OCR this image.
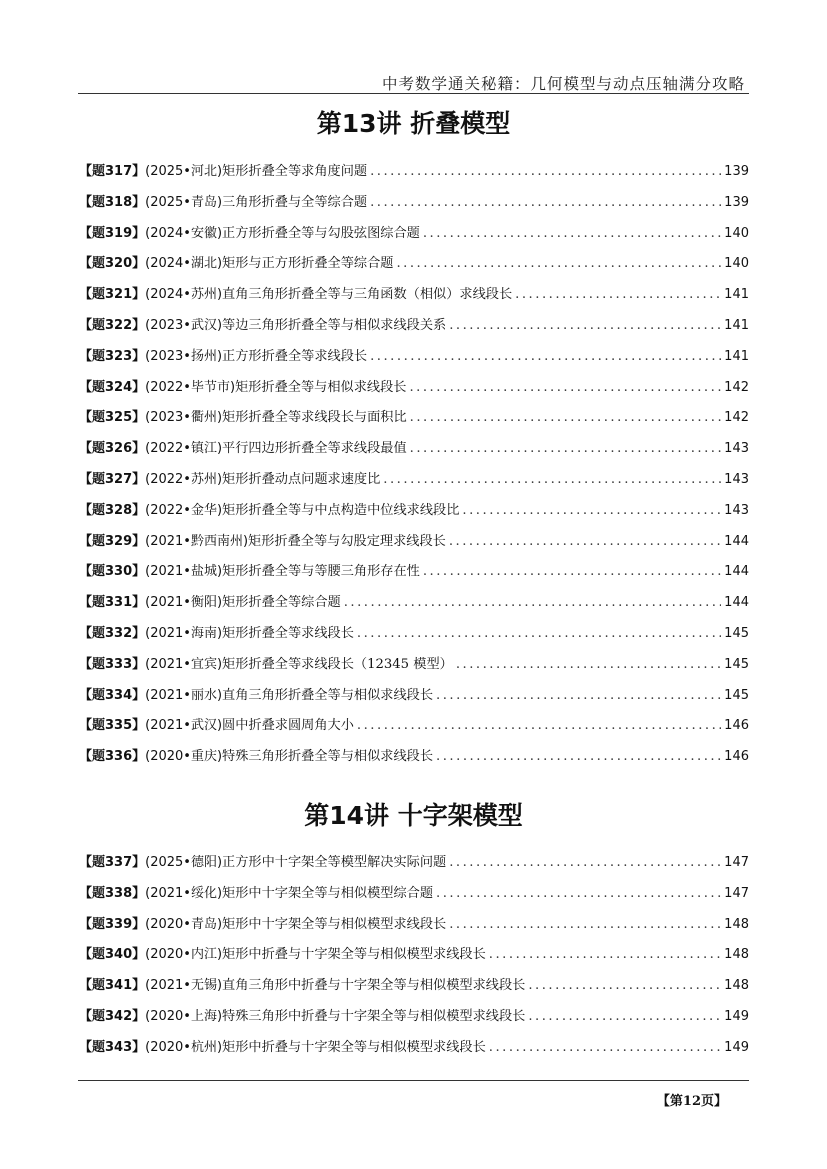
中考数学通关秘籍：几何模型与动点压轴满分攻略
第13讲 折叠模型
【题317】 (2025•河北) 矩形折叠全等求角度问题 .....	139
【题318】 (2025•青岛) 三角形折叠与全等综合题 .....	139
【题319】 (2024•安徽) 正方形折叠全等与勾股弦图综合题 .....	140
【题320】 (2024•湖北) 矩形与正方形折叠全等综合题 .....	140
【题321】 (2024•苏州) 直角三角形折叠全等与三角函数（相似）求线段长 .....	141
【题322】 (2023•武汉) 等边三角形折叠全等与相似求线段关系 .....	141
【题323】 (2023•扬州) 正方形折叠全等求线段长 .....	141
【题324】 (2022•毕节市) 矩形折叠全等与相似求线段长 .....	142
【题325】 (2023•衢州) 矩形折叠全等求线段长与面积比 .....	142
【题326】 (2022•镇江) 平行四边形折叠全等求线段最值 .....	143
【题327】 (2022•苏州) 矩形折叠动点问题求速度比 .....	143
【题328】 (2022•金华) 矩形折叠全等与中点构造中位线求线段比 .....	143
【题329】 (2021•黔西南州) 矩形折叠全等与勾股定理求线段长 .....	144
【题330】 (2021•盐城) 矩形折叠全等与等腰三角形存在性 .....	144
【题331】 (2021•衡阳) 矩形折叠全等综合题 .....	144
【题332】 (2021•海南) 矩形折叠全等求线段长 .....	145
【题333】 (2021•宜宾) 矩形折叠全等求线段长（12345 模型） .....	145
【题334】 (2021•丽水) 直角三角形折叠全等与相似求线段长 .....	145
【题335】 (2021•武汉) 圆中折叠求圆周角大小 .....	146
【题336】 (2020•重庆) 特殊三角形折叠全等与相似求线段长 .....	146
第14讲 十字架模型
【题337】 (2025•德阳) 正方形中十字架全等模型解决实际问题 .....	147
【题338】 (2021•绥化) 矩形中十字架全等与相似模型综合题 .....	147
【题339】 (2020•青岛) 矩形中十字架全等与相似模型求线段长 .....	148
【题340】 (2020•内江) 矩形中折叠与十字架全等与相似模型求线段长 .....	148
【题341】 (2021•无锡) 直角三角形中折叠与十字架全等与相似模型求线段长 .....	148
【题342】 (2020•上海) 特殊三角形中折叠与十字架全等与相似模型求线段长 .....	149
【题343】 (2020•杭州) 矩形中折叠与十字架全等与相似模型求线段长 .....	149
【第12页】
